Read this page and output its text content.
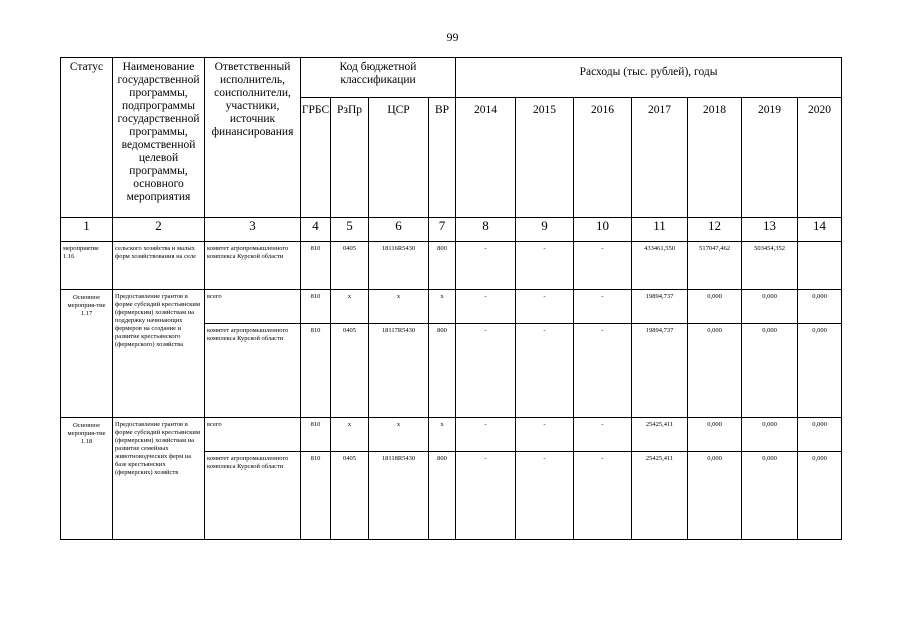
99
Статус	Наименование государственной программы, подпрограммы государственной программы, ведомственной целевой программы, основного мероприятия	Ответственный исполнитель, соисполнители, участники, источник финансирования	Код бюджетной классификации				Расходы (тыс. рублей), годы						
			ГРБС	РзПр	ЦСР	ВР	2014	2015	2016	2017	2018	2019	2020
1	2	3	4	5	6	7	8	9	10	11	12	13	14
мероприятие 1.16	сельского хозяйства и малых форм хозяйствования на селе	комитет агропромышленного комплекса Курской области	810	0405	18116R5430	800	-	-	-	433461,550	517047,462	503454,352	
Основное мероприя-тие 1.17	Предоставление грантов в форме субсидий крестьянским (фермерским) хозяйствам на поддержку начинающих фермеров на создание и развитие крестьянского (фермерского) хозяйства	всего	810	х	х	х	-	-	-	19894,737	0,000	0,000	0,000
		комитет агропромышленного комплекса Курской области	810	0405	18117R5430	800	-	-	-	19894,737	0,000	0,000	0,000
Основное мероприя-тие 1.18	Предоставление грантов в форме субсидий крестьянским (фермерским) хозяйствам на развитие семейных животноводческих ферм на базе крестьянских (фермерских) хозяйств	всего	810	х	х	х	-	-	-	25425,411	0,000	0,000	0,000
		комитет агропромышленного комплекса Курской области	810	0405	18118R5430	800	-	-	-	25425,411	0,000	0,000	0,000
